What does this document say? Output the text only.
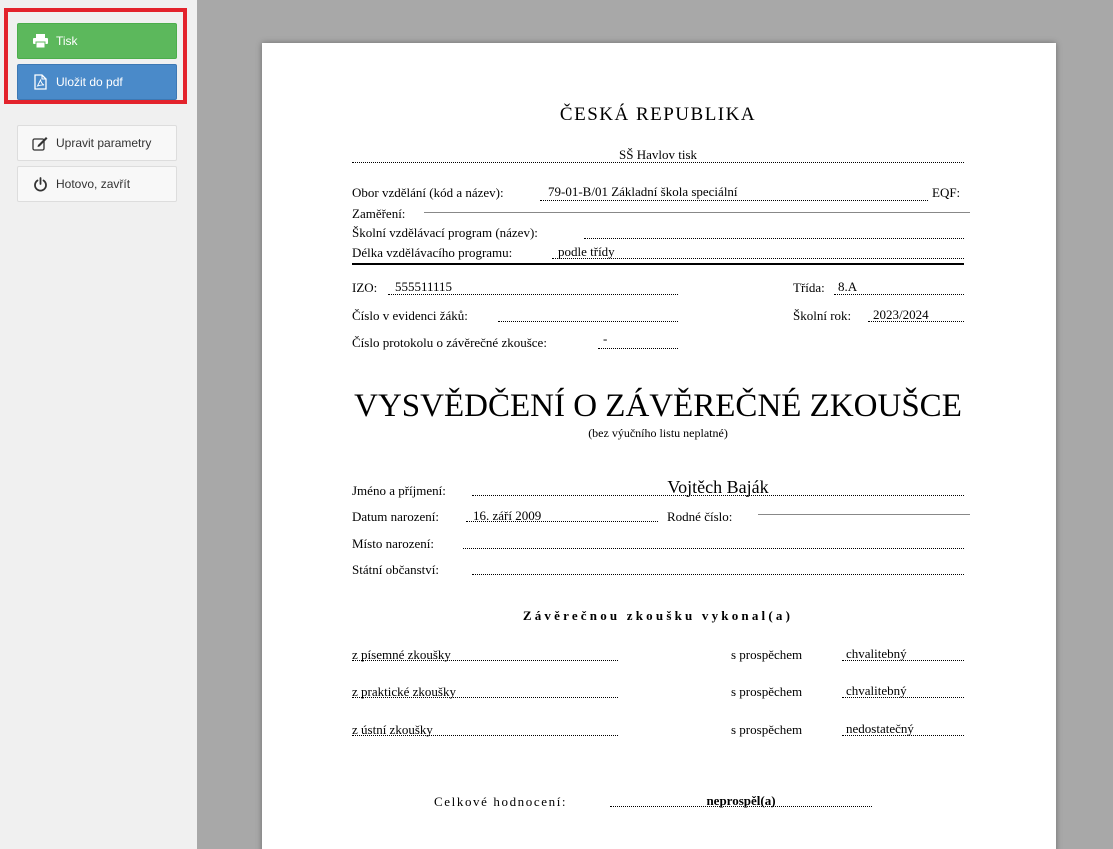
Tisk
Uložit do pdf
Upravit parametry
Hotovo, zavřít
ČESKÁ REPUBLIKA
SŠ Havlov tisk
Obor vzdělání (kód a název):	79-01-B/01 Základní škola speciální	EQF:
Zaměření:
Školní vzdělávací program (název):
Délka vzdělávacího programu:	podle třídy
IZO: 555511115	Třída: 8.A
Číslo v evidenci žáků:	Školní rok: 2023/2024
Číslo protokolu o závěrečné zkoušce:	-
VYSVĚDČENÍ O ZÁVĚREČNÉ ZKOUŠCE
(bez výučního listu neplatné)
Jméno a příjmení:	Vojtěch Baják
Datum narození:	16. září 2009	Rodné číslo:
Místo narození:
Státní občanství:
Závěrečnou zkoušku vykonal(a)
z písemné zkoušky	s prospěchem	chvalitebný
z praktické zkoušky	s prospěchem	chvalitebný
z ústní zkoušky	s prospěchem	nedostatečný
Celkové hodnocení:	neprospěl(a)
